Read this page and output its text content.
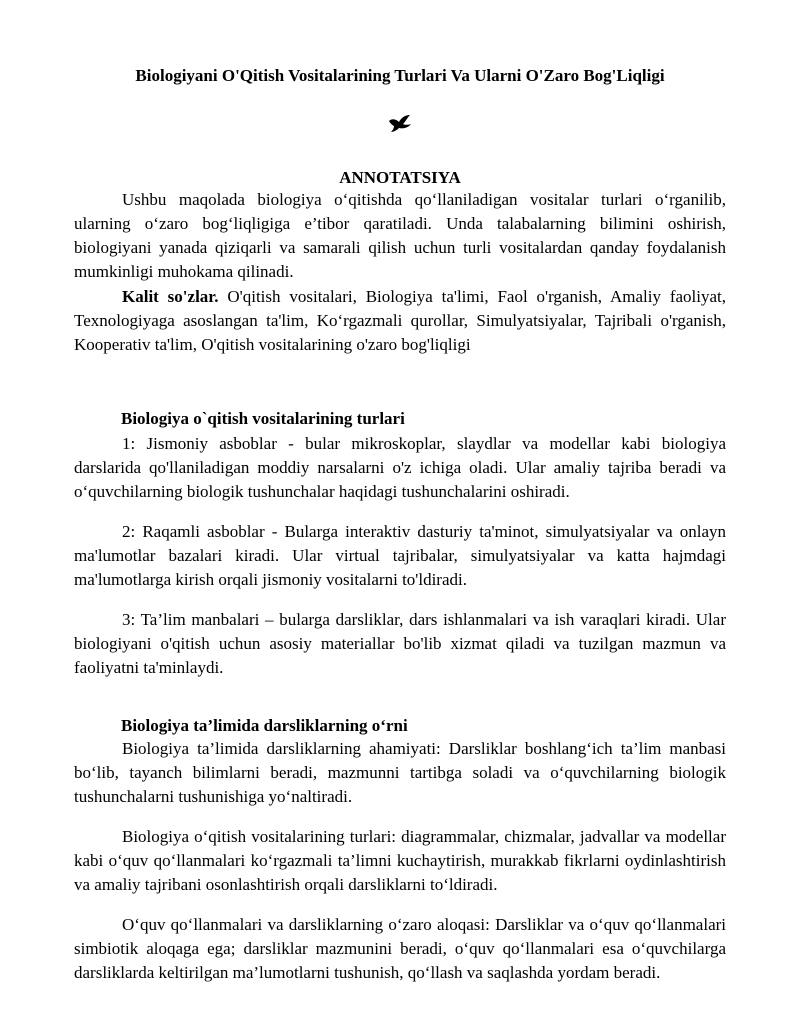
Biologiyani O'Qitish Vositalarining Turlari Va Ularni O'Zaro Bog'Liqligi
ANNOTATSIYA

Ushbu maqolada biologiya o‘qitishda qo‘llaniladigan vositalar turlari o‘rganilib, ularning o‘zaro bog‘liqligiga e’tibor qaratiladi. Unda talabalarning bilimini oshirish, biologiyani yanada qiziqarli va samarali qilish uchun turli vositalardan qanday foydalanish mumkinligi muhokama qilinadi.

Kalit so'zlar. O'qitish vositalari, Biologiya ta'limi, Faol o'rganish, Amaliy faoliyat, Texnologiyaga asoslangan ta'lim, Ko‘rgazmali qurollar, Simulyatsiyalar, Tajribali o'rganish, Kooperativ ta'lim, O'qitish vositalarining o'zaro bog'liqligi

Biologiya o`qitish vositalarining turlari

1: Jismoniy asboblar - bular mikroskoplar, slaydlar va modellar kabi biologiya darslarida qo'llaniladigan moddiy narsalarni o'z ichiga oladi. Ular amaliy tajriba beradi va o‘quvchilarning biologik tushunchalar haqidagi tushunchalarini oshiradi.

2: Raqamli asboblar - Bularga interaktiv dasturiy ta'minot, simulyatsiyalar va onlayn ma'lumotlar bazalari kiradi. Ular virtual tajribalar, simulyatsiyalar va katta hajmdagi ma'lumotlarga kirish orqali jismoniy vositalarni to'ldiradi.

3: Ta’lim manbalari – bularga darsliklar, dars ishlanmalari va ish varaqlari kiradi. Ular biologiyani o'qitish uchun asosiy materiallar bo'lib xizmat qiladi va tuzilgan mazmun va faoliyatni ta'minlaydi.

Biologiya ta’limida darsliklarning o‘rni

Biologiya ta’limida darsliklarning ahamiyati: Darsliklar boshlang‘ich ta’lim manbasi bo‘lib, tayanch bilimlarni beradi, mazmunni tartibga soladi va o‘quvchilarning biologik tushunchalarni tushunishiga yo‘naltiradi.

Biologiya o‘qitish vositalarining turlari: diagrammalar, chizmalar, jadvallar va modellar kabi o‘quv qo‘llanmalari ko‘rgazmali ta’limni kuchaytirish, murakkab fikrlarni oydinlashtirish va amaliy tajribani osonlashtirish orqali darsliklarni to‘ldiradi.

O‘quv qo‘llanmalari va darsliklarning o‘zaro aloqasi: Darsliklar va o‘quv qo‘llanmalari simbiotik aloqaga ega; darsliklar mazmunini beradi, o‘quv qo‘llanmalari esa o‘quvchilarga darsliklarda keltirilgan ma’lumotlarni tushunish, qo‘llash va saqlashda yordam beradi.
